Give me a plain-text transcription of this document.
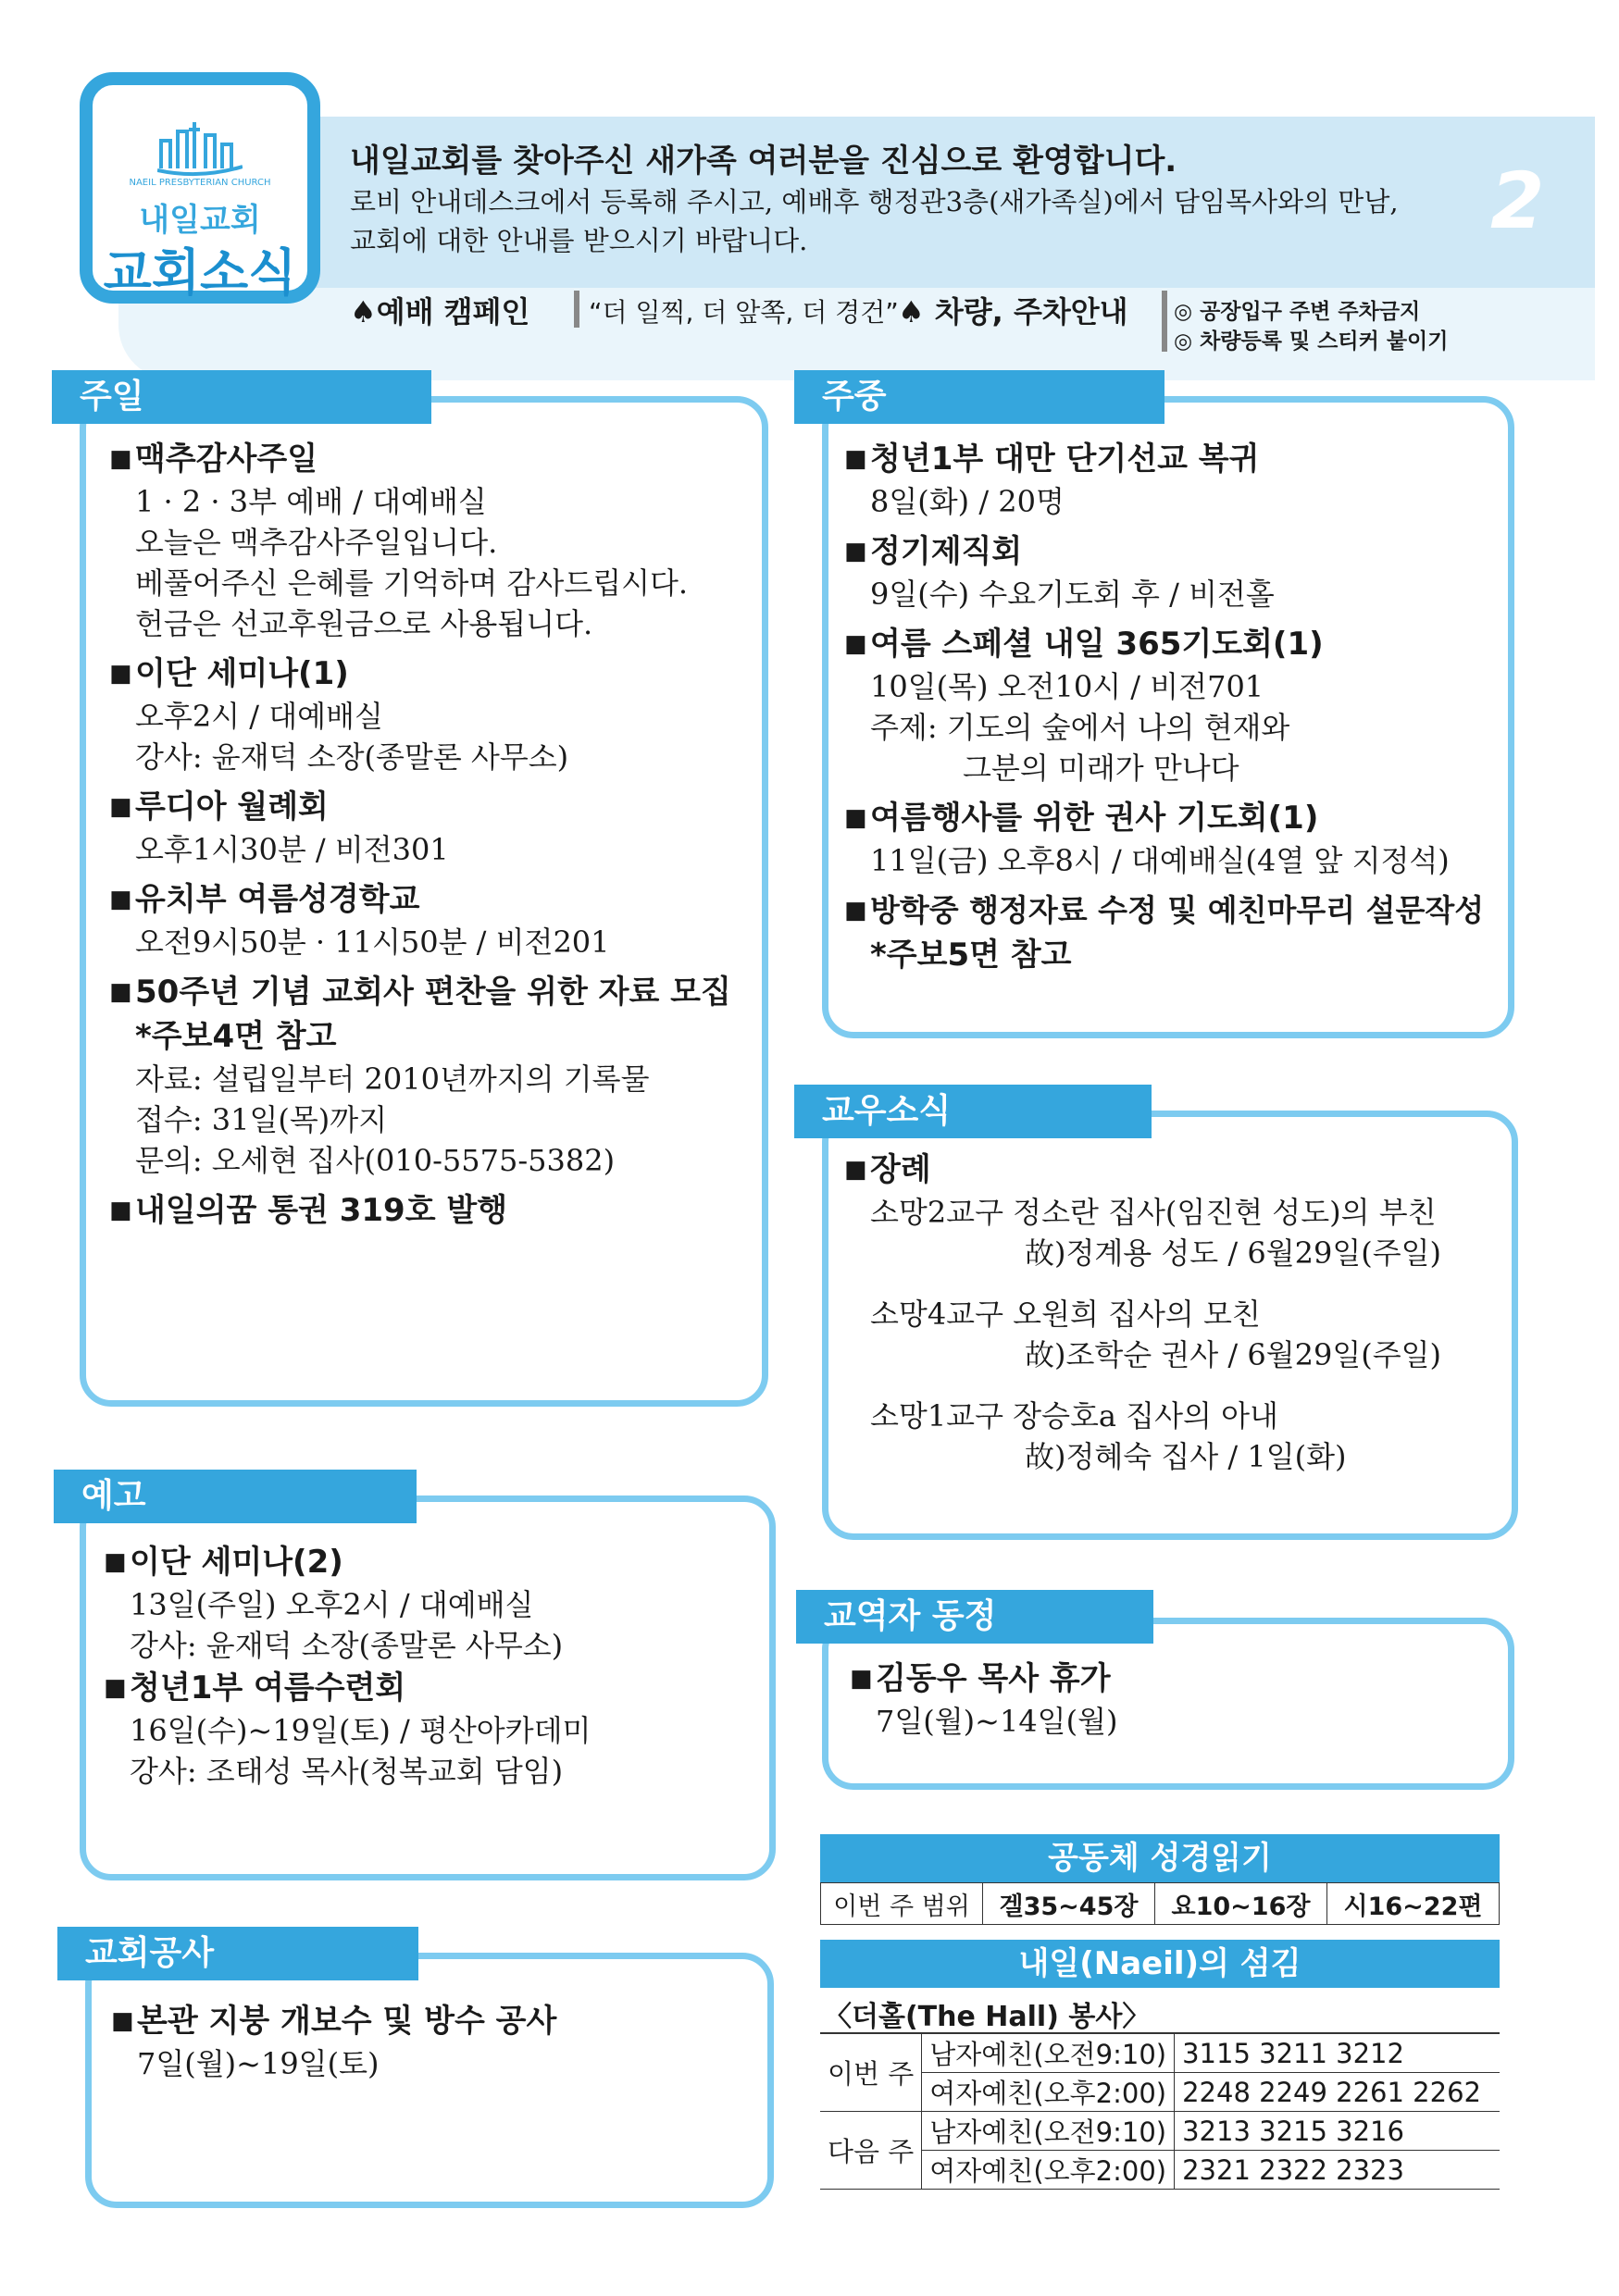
NAEIL PRESBYTERIAN CHURCH
내일교회
교회소식
내일교회를 찾아주신 새가족 여러분을 진심으로 환영합니다.
로비 안내데스크에서 등록해 주시고, 예배후 행정관3층(새가족실)에서 담임목사와의 만남,
교회에 대한 안내를 받으시기 바랍니다.	2
♠예배 캠페인 “더 일찍, 더 앞쪽, 더 경건” ♠ 차량, 주차안내 ◎ 공장입구 주변 주차금지
◎ 차량등록 및 스티커 붙이기
주일
■ 맥추감사주일
1 · 2 · 3부 예배 / 대예배실
오늘은 맥추감사주일입니다.
베풀어주신 은혜를 기억하며 감사드립시다.
헌금은 선교후원금으로 사용됩니다.
■ 이단 세미나(1)
오후2시 / 대예배실
강사: 윤재덕 소장(종말론 사무소)
■ 루디아 월례회
오후1시30분 / 비전301
■ 유치부 여름성경학교
오전9시50분 · 11시50분 / 비전201
■ 50주년 기념 교회사 편찬을 위한 자료 모집
*주보4면 참고
자료: 설립일부터 2010년까지의 기록물
접수: 31일(목)까지
문의: 오세현 집사(010-5575-5382)
■ 내일의꿈 통권 319호 발행
주중
■ 청년1부 대만 단기선교 복귀
8일(화) / 20명
■ 정기제직회
9일(수) 수요기도회 후 / 비전홀
■ 여름 스페셜 내일 365기도회(1)
10일(목) 오전10시 / 비전701
주제: 기도의 숲에서 나의 현재와
그분의 미래가 만나다
■ 여름행사를 위한 권사 기도회(1)
11일(금) 오후8시 / 대예배실(4열 앞 지정석)
■ 방학중 행정자료 수정 및 예친마무리 설문작성
*주보5면 참고
교우소식
■ 장례
소망2교구 정소란 집사(임진현 성도)의 부친
故)정계용 성도 / 6월29일(주일)
소망4교구 오원희 집사의 모친
故)조학순 권사 / 6월29일(주일)
소망1교구 장승호a 집사의 아내
故)정혜숙 집사 / 1일(화)
예고
■ 이단 세미나(2)
13일(주일) 오후2시 / 대예배실
강사: 윤재덕 소장(종말론 사무소)
■ 청년1부 여름수련회
16일(수)~19일(토) / 평산아카데미
강사: 조태성 목사(청복교회 담임)
교역자 동정
■ 김동우 목사 휴가
7일(월)~14일(월)
교회공사
■ 본관 지붕 개보수 및 방수 공사
7일(월)~19일(토)
공동체 성경읽기
이번 주 범위	겔35~45장	요10~16장	시16~22편
내일(Naeil)의 섬김
〈더홀(The Hall) 봉사〉
이번 주	남자예친(오전9:10)	3115 3211 3212
	여자예친(오후2:00)	2248 2249 2261 2262
다음 주	남자예친(오전9:10)	3213 3215 3216
	여자예친(오후2:00)	2321 2322 2323
